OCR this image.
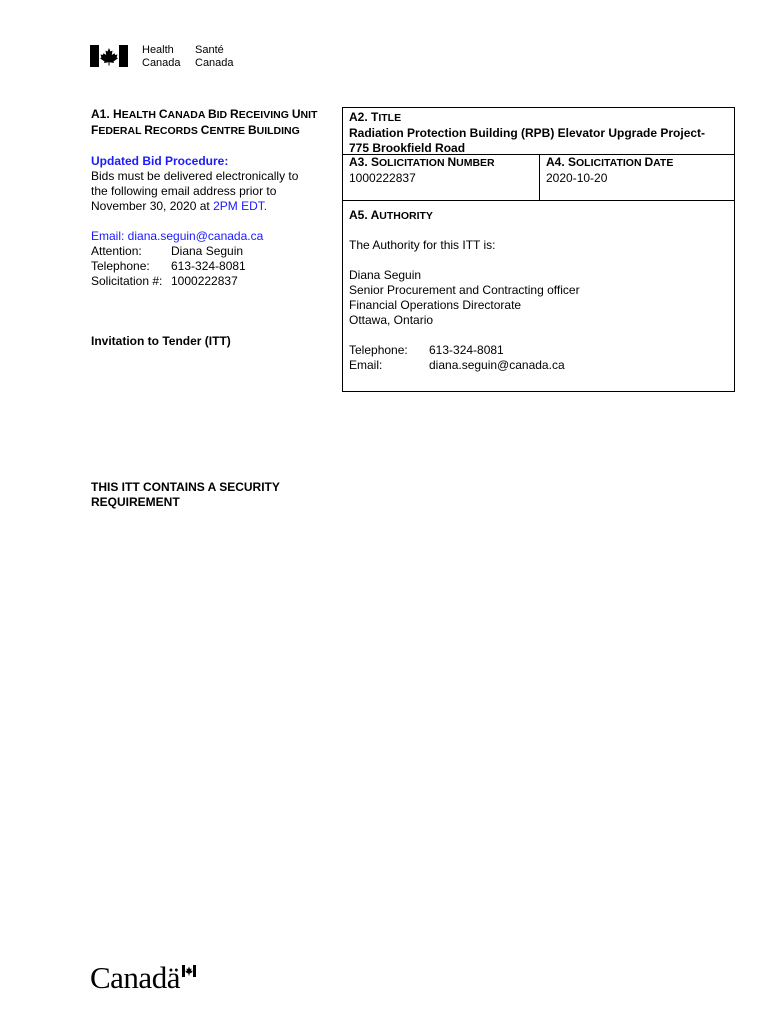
Health
Canada
Santé
Canada
A1. HEALTH CANADA BID RECEIVING UNIT
FEDERAL RECORDS CENTRE BUILDING
Updated Bid Procedure:
Bids must be delivered electronically to
the following email address prior to
November 30, 2020 at 2PM EDT.
Email: diana.seguin@canada.ca
Attention: Diana Seguin
Telephone: 613-324-8081
Solicitation #: 1000222837
Invitation to Tender (ITT)
A2. TITLE
Radiation Protection Building (RPB) Elevator Upgrade Project-
775 Brookfield Road
A3. SOLICITATION NUMBER
1000222837
A4. SOLICITATION DATE
2020-10-20
A5. AUTHORITY
The Authority for this ITT is:
Diana Seguin
Senior Procurement and Contracting officer
Financial Operations Directorate
Ottawa, Ontario
Telephone: 613-324-8081
Email:	diana.seguin@canada.ca
THIS ITT CONTAINS A SECURITY
REQUIREMENT
Canadä
